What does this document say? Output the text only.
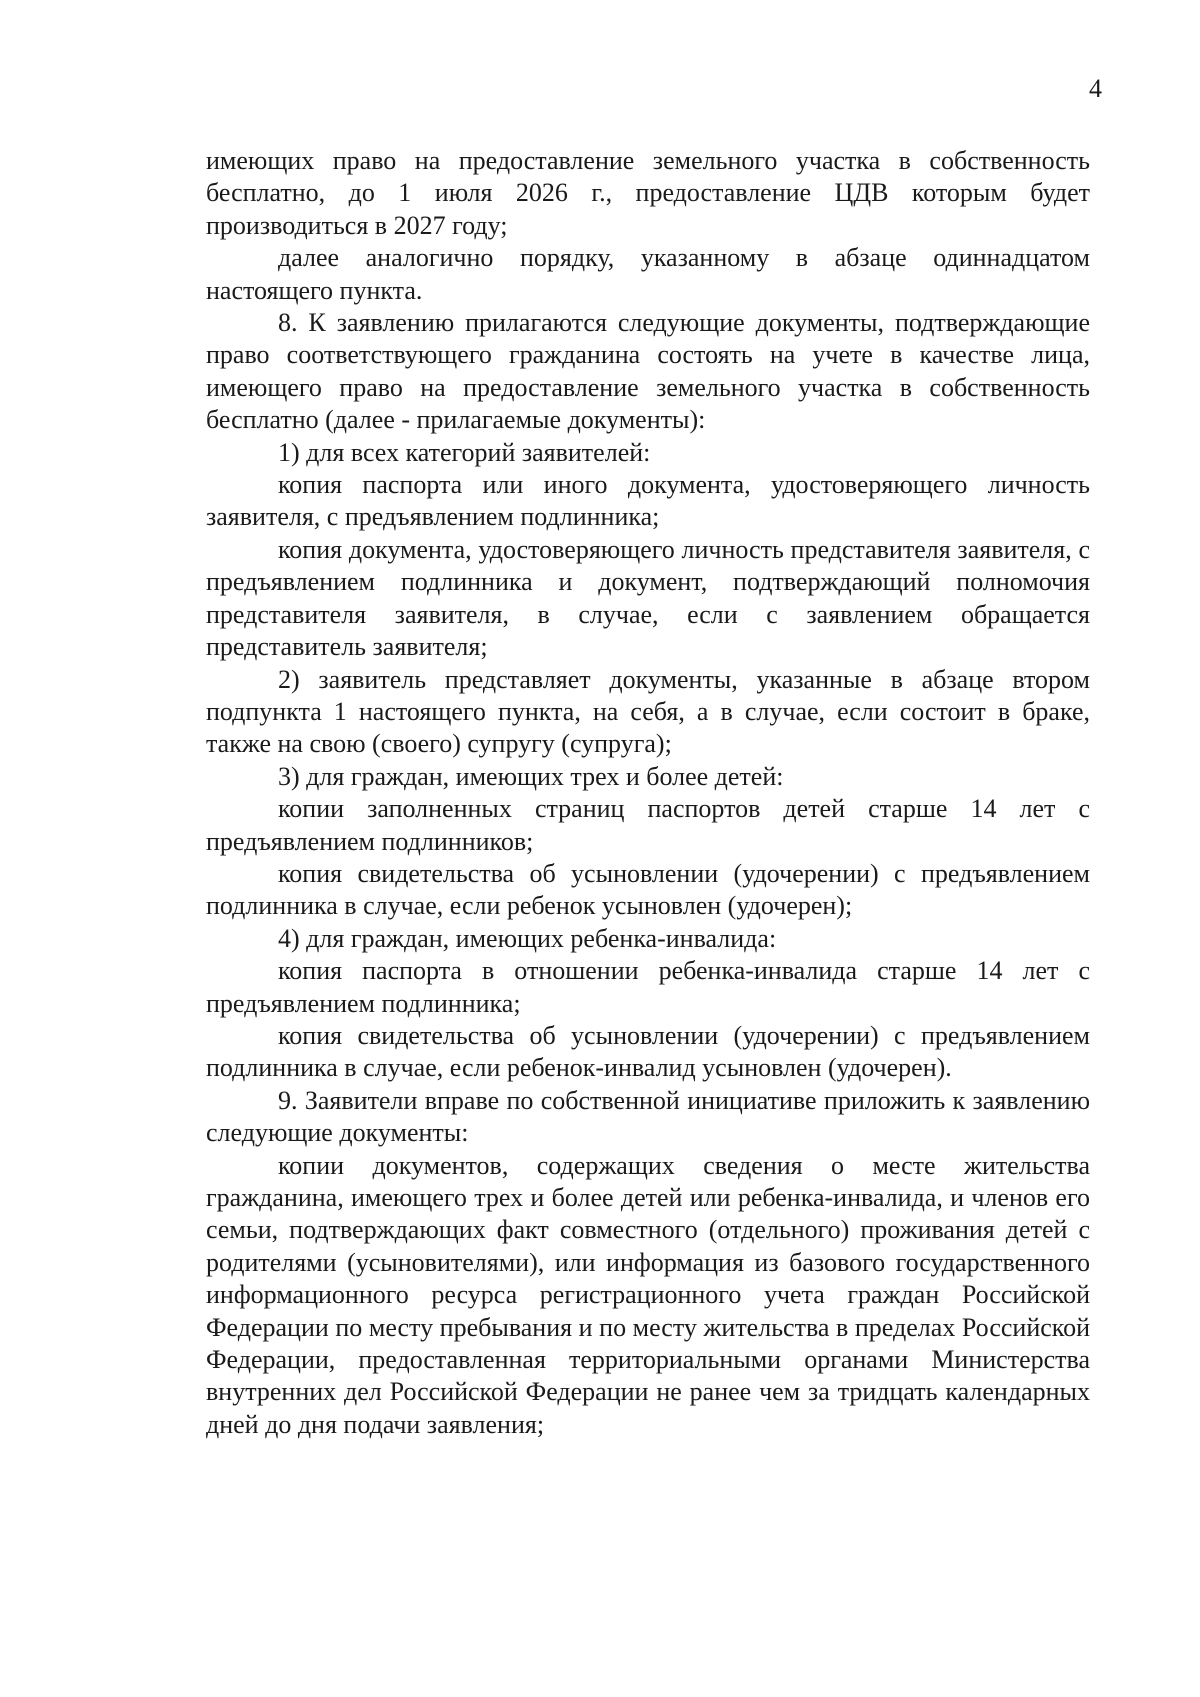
4

имеющих право на предоставление земельного участка в собственность бесплатно, до 1 июля 2026 г., предоставление ЦДВ которым будет производиться в 2027 году;

далее аналогично порядку, указанному в абзаце одиннадцатом настоящего пункта.

8. К заявлению прилагаются следующие документы, подтверждающие право соответствующего гражданина состоять на учете в качестве лица, имеющего право на предоставление земельного участка в собственность бесплатно (далее - прилагаемые документы):

1) для всех категорий заявителей:

копия паспорта или иного документа, удостоверяющего личность заявителя, с предъявлением подлинника;

копия документа, удостоверяющего личность представителя заявителя, с предъявлением подлинника и документ, подтверждающий полномочия представителя заявителя, в случае, если с заявлением обращается представитель заявителя;

2) заявитель представляет документы, указанные в абзаце втором подпункта 1 настоящего пункта, на себя, а в случае, если состоит в браке, также на свою (своего) супругу (супруга);

3) для граждан, имеющих трех и более детей:

копии заполненных страниц паспортов детей старше 14 лет с предъявлением подлинников;

копия свидетельства об усыновлении (удочерении) с предъявлением подлинника в случае, если ребенок усыновлен (удочерен);

4) для граждан, имеющих ребенка-инвалида:

копия паспорта в отношении ребенка-инвалида старше 14 лет с предъявлением подлинника;

копия свидетельства об усыновлении (удочерении) с предъявлением подлинника в случае, если ребенок-инвалид усыновлен (удочерен).

9. Заявители вправе по собственной инициативе приложить к заявлению следующие документы:

копии документов, содержащих сведения о месте жительства гражданина, имеющего трех и более детей или ребенка-инвалида, и членов его семьи, подтверждающих факт совместного (отдельного) проживания детей с родителями (усыновителями), или информация из базового государственного информационного ресурса регистрационного учета граждан Российской Федерации по месту пребывания и по месту жительства в пределах Российской Федерации, предоставленная территориальными органами Министерства внутренних дел Российской Федерации не ранее чем за тридцать календарных дней до дня подачи заявления;
